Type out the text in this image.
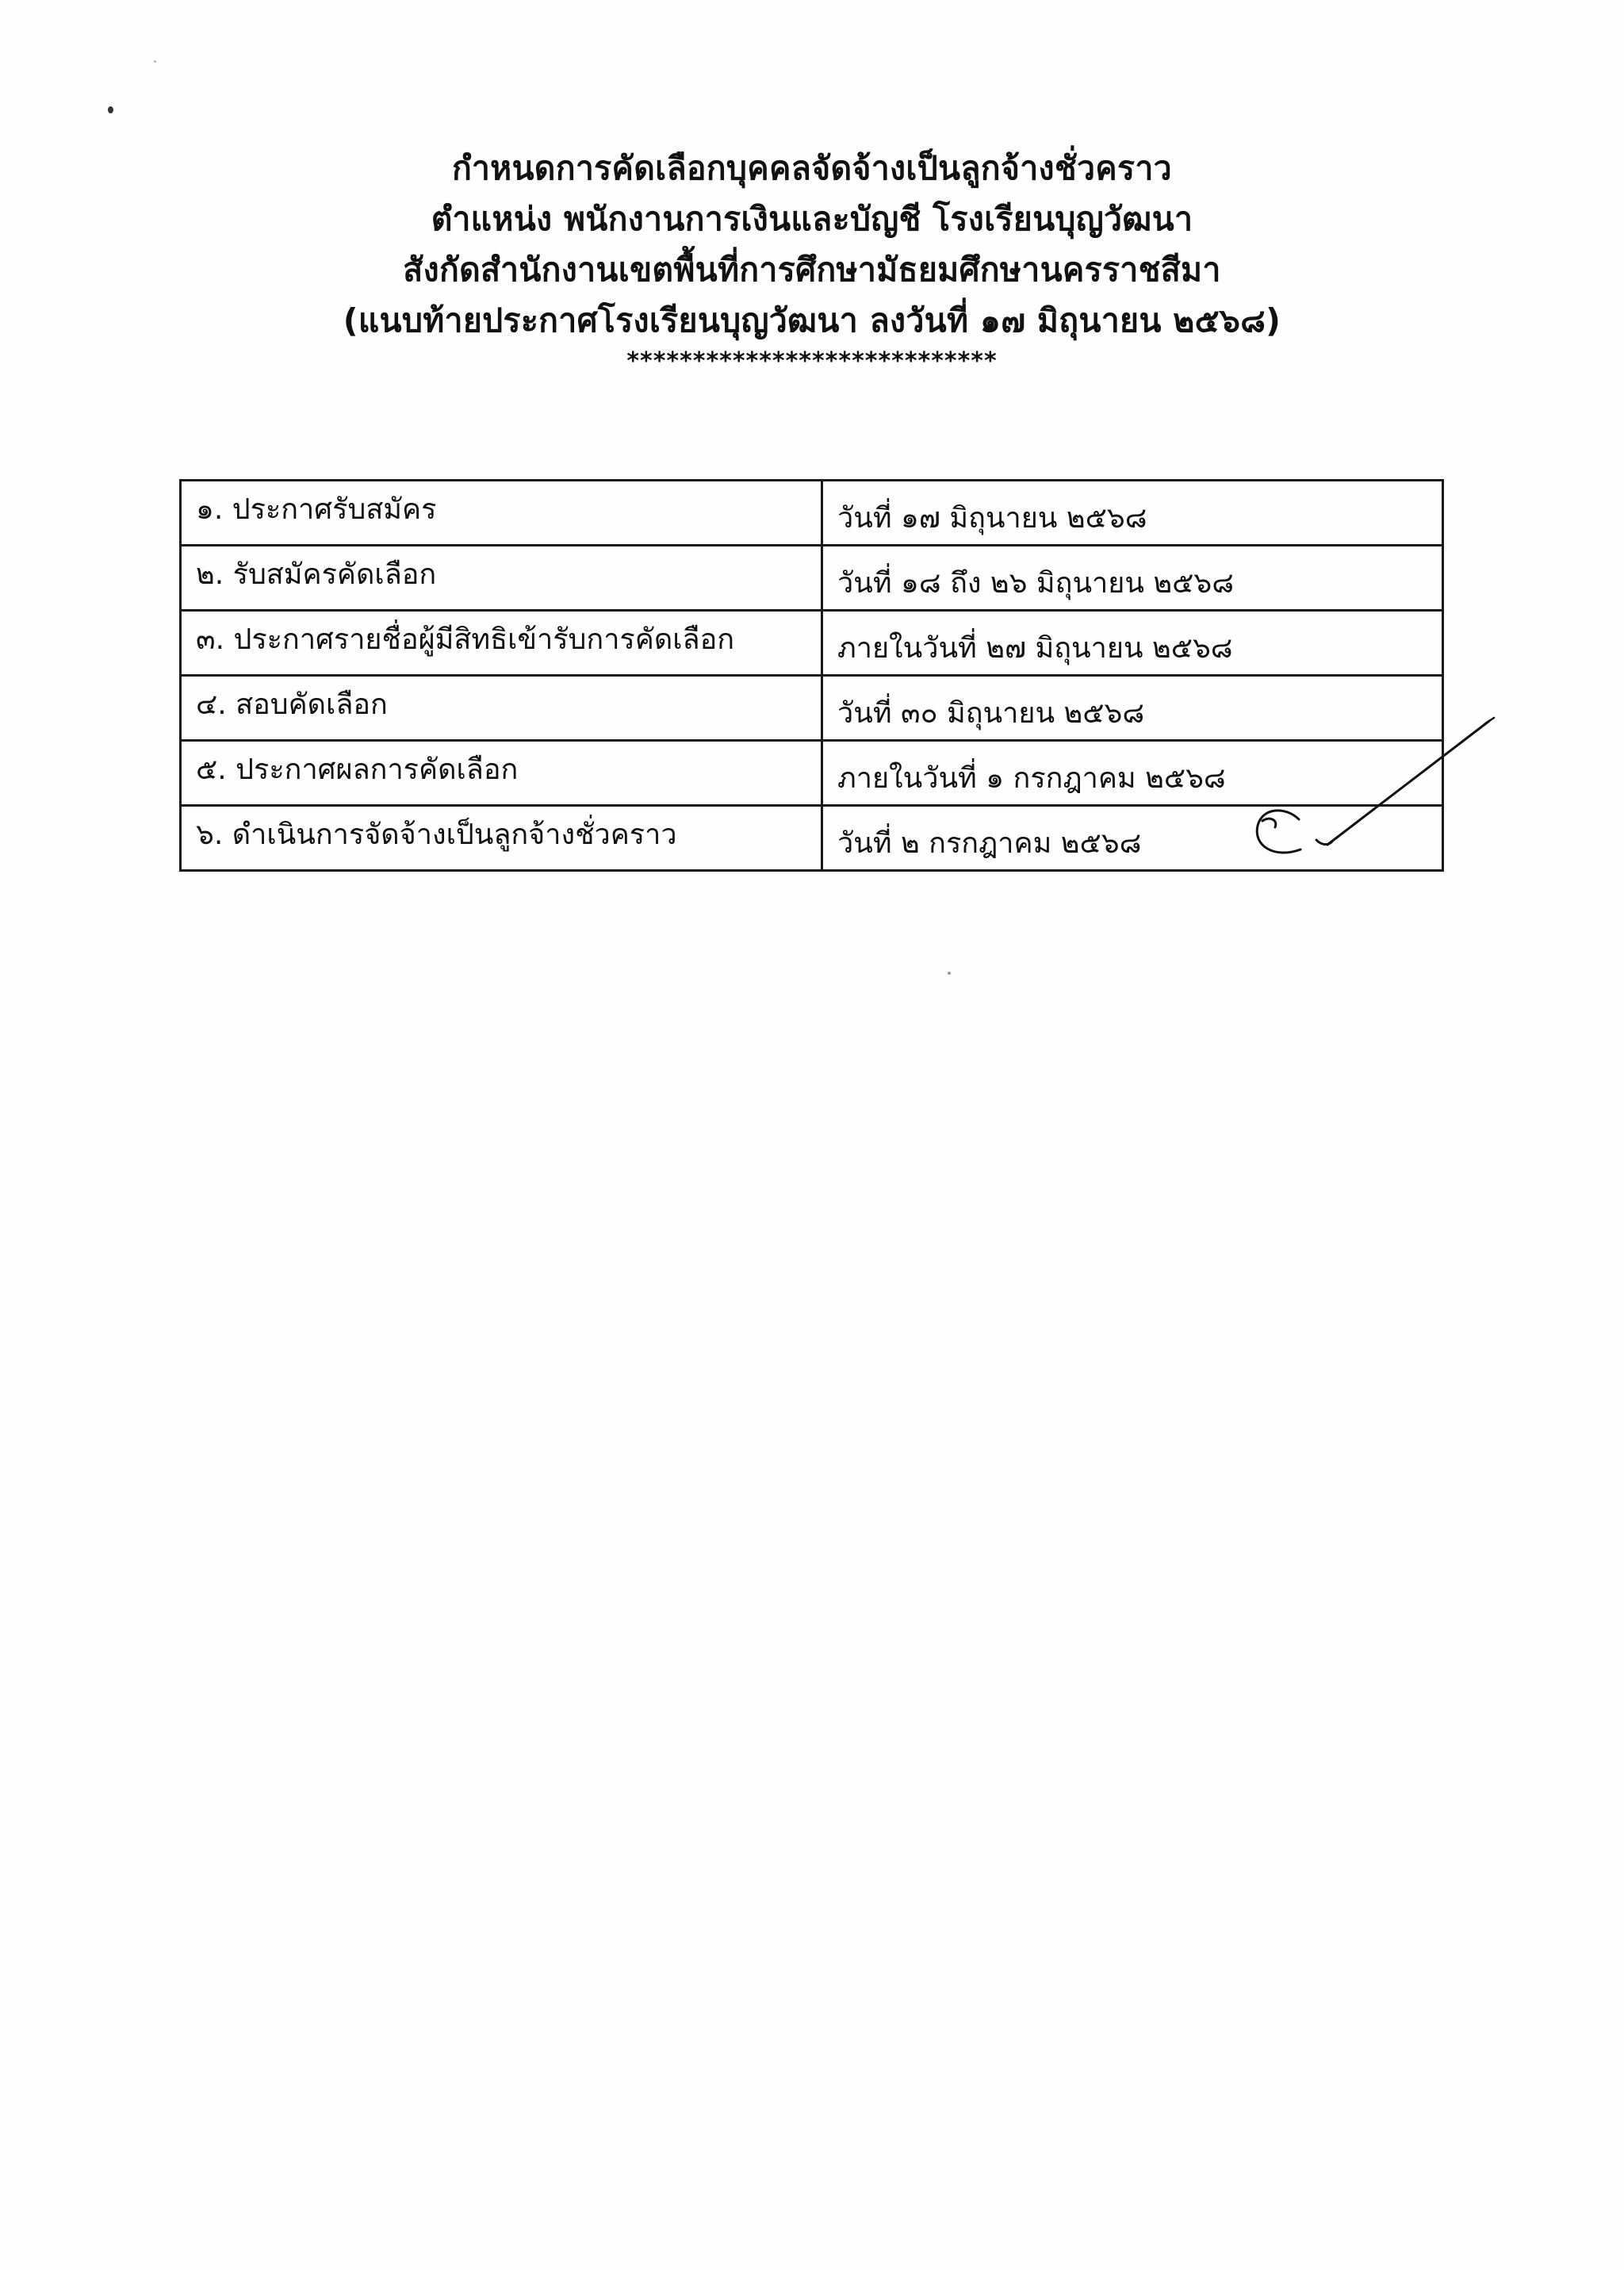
กำหนดการคัดเลือกบุคคลจัดจ้างเป็นลูกจ้างชั่วคราว
ตำแหน่ง พนักงานการเงินและบัญชี โรงเรียนบุญวัฒนา
สังกัดสำนักงานเขตพื้นที่การศึกษามัธยมศึกษานครราชสีมา
(แนบท้ายประกาศโรงเรียนบุญวัฒนา ลงวันที่ ๑๗ มิถุนายน ๒๕๖๘)
****************************
๑. ประกาศรับสมัคร	วันที่ ๑๗ มิถุนายน ๒๕๖๘
๒. รับสมัครคัดเลือก	วันที่ ๑๘ ถึง ๒๖ มิถุนายน ๒๕๖๘
๓. ประกาศรายชื่อผู้มีสิทธิเข้ารับการคัดเลือก	ภายในวันที่ ๒๗ มิถุนายน ๒๕๖๘
๔. สอบคัดเลือก	วันที่ ๓๐ มิถุนายน ๒๕๖๘
๕. ประกาศผลการคัดเลือก	ภายในวันที่ ๑ กรกฎาคม ๒๕๖๘
๖. ดำเนินการจัดจ้างเป็นลูกจ้างชั่วคราว	วันที่ ๒ กรกฎาคม ๒๕๖๘
